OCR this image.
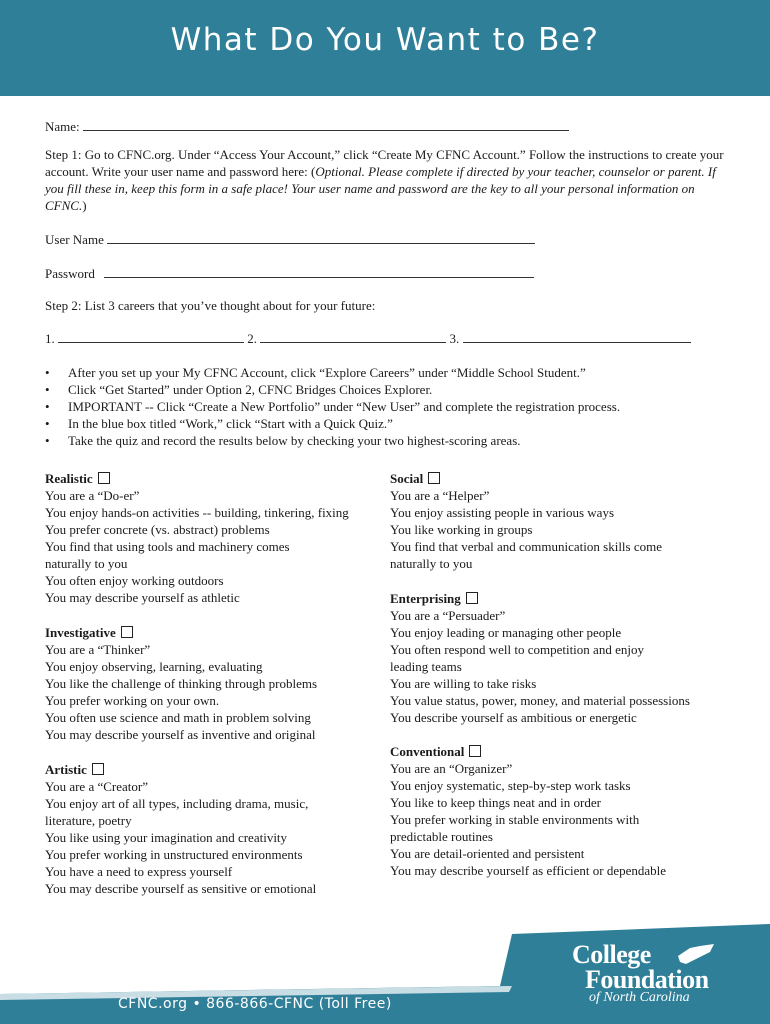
What Do You Want to Be?
Name:
Step 1: Go to CFNC.org. Under “Access Your Account,” click “Create My CFNC Account.” Follow the instructions to create your account. Write your user name and password here: (Optional. Please complete if directed by your teacher, counselor or parent. If you fill these in, keep this form in a safe place! Your user name and password are the key to all your personal information on CFNC.)
User Name
Password
Step 2: List 3 careers that you’ve thought about for your future:
1.	2.	3.
• After you set up your My CFNC Account, click “Explore Careers” under “Middle School Student.”
• Click “Get Started” under Option 2, CFNC Bridges Choices Explorer.
• IMPORTANT -- Click “Create a New Portfolio” under “New User” and complete the registration process.
• In the blue box titled “Work,” click “Start with a Quick Quiz.”
• Take the quiz and record the results below by checking your two highest-scoring areas.
Realistic
You are a “Do-er”
You enjoy hands-on activities -- building, tinkering, fixing
You prefer concrete (vs. abstract) problems
You find that using tools and machinery comes
naturally to you
You often enjoy working outdoors
You may describe yourself as athletic
Investigative
You are a “Thinker”
You enjoy observing, learning, evaluating
You like the challenge of thinking through problems
You prefer working on your own.
You often use science and math in problem solving
You may describe yourself as inventive and original
Artistic
You are a “Creator”
You enjoy art of all types, including drama, music,
literature, poetry
You like using your imagination and creativity
You prefer working in unstructured environments
You have a need to express yourself
You may describe yourself as sensitive or emotional
Social
You are a “Helper”
You enjoy assisting people in various ways
You like working in groups
You find that verbal and communication skills come
naturally to you
Enterprising
You are a “Persuader”
You enjoy leading or managing other people
You often respond well to competition and enjoy
leading teams
You are willing to take risks
You value status, power, money, and material possessions
You describe yourself as ambitious or energetic
Conventional
You are an “Organizer”
You enjoy systematic, step-by-step work tasks
You like to keep things neat and in order
You prefer working in stable environments with
predictable routines
You are detail-oriented and persistent
You may describe yourself as efficient or dependable
CFNC.org • 866-866-CFNC (Toll Free)
College
Foundation
of North Carolina
